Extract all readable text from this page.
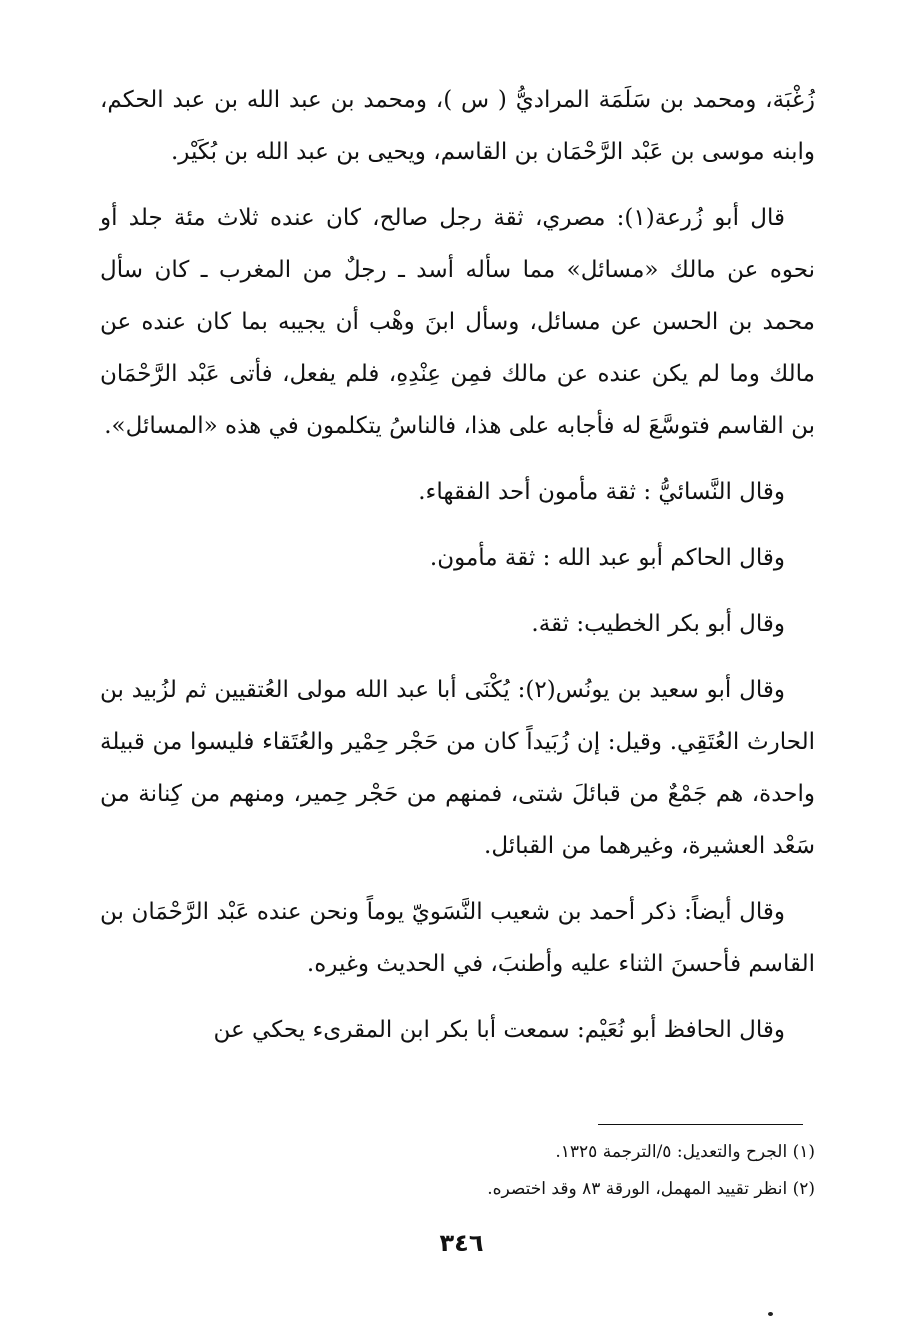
زُغْبَة، ومحمد بن سَلَمَة المراديُّ ( س )، ومحمد بن عبد الله بن عبد الحكم، وابنه موسى بن عَبْد الرَّحْمَان بن القاسم، ويحيى بن عبد الله بن بُكَيْر.

قال أبو زُرعة(١): مصري، ثقة رجل صالح، كان عنده ثلاث مئة جلد أو نحوه عن مالك «مسائل» مما سأله أسد ـ رجلٌ من المغرب ـ كان سأل محمد بن الحسن عن مسائل، وسأل ابنَ وهْب أن يجيبه بما كان عنده عن مالك وما لم يكن عنده عن مالك فمِن عِنْدِهِ، فلم يفعل، فأتى عَبْد الرَّحْمَان بن القاسم فتوسَّعَ له فأجابه على هذا، فالناسُ يتكلمون في هذه «المسائل».

وقال النَّسائيُّ : ثقة مأمون أحد الفقهاء.

وقال الحاكم أبو عبد الله : ثقة مأمون.

وقال أبو بكر الخطيب: ثقة.

وقال أبو سعيد بن يونُس(٢): يُكْنَى أبا عبد الله مولى العُتقيين ثم لزُبيد بن الحارث العُتَقِي. وقيل: إن زُبَيداً كان من حَجْر حِمْير والعُتَقاء فليسوا من قبيلة واحدة، هم جَمْعٌ من قبائلَ شتى، فمنهم من حَجْر حِمير، ومنهم من كِنانة من سَعْد العشيرة، وغيرهما من القبائل.

وقال أيضاً: ذكر أحمد بن شعيب النَّسَويّ يوماً ونحن عنده عَبْد الرَّحْمَان بن القاسم فأحسنَ الثناء عليه وأطنبَ، في الحديث وغيره.

وقال الحافظ أبو نُعَيْم: سمعت أبا بكر ابن المقرىء يحكي عن

(١) الجرح والتعديل: ٥/الترجمة ١٣٢٥.

(٢) انظر تقييد المهمل، الورقة ٨٣ وقد اختصره.

٣٤٦
